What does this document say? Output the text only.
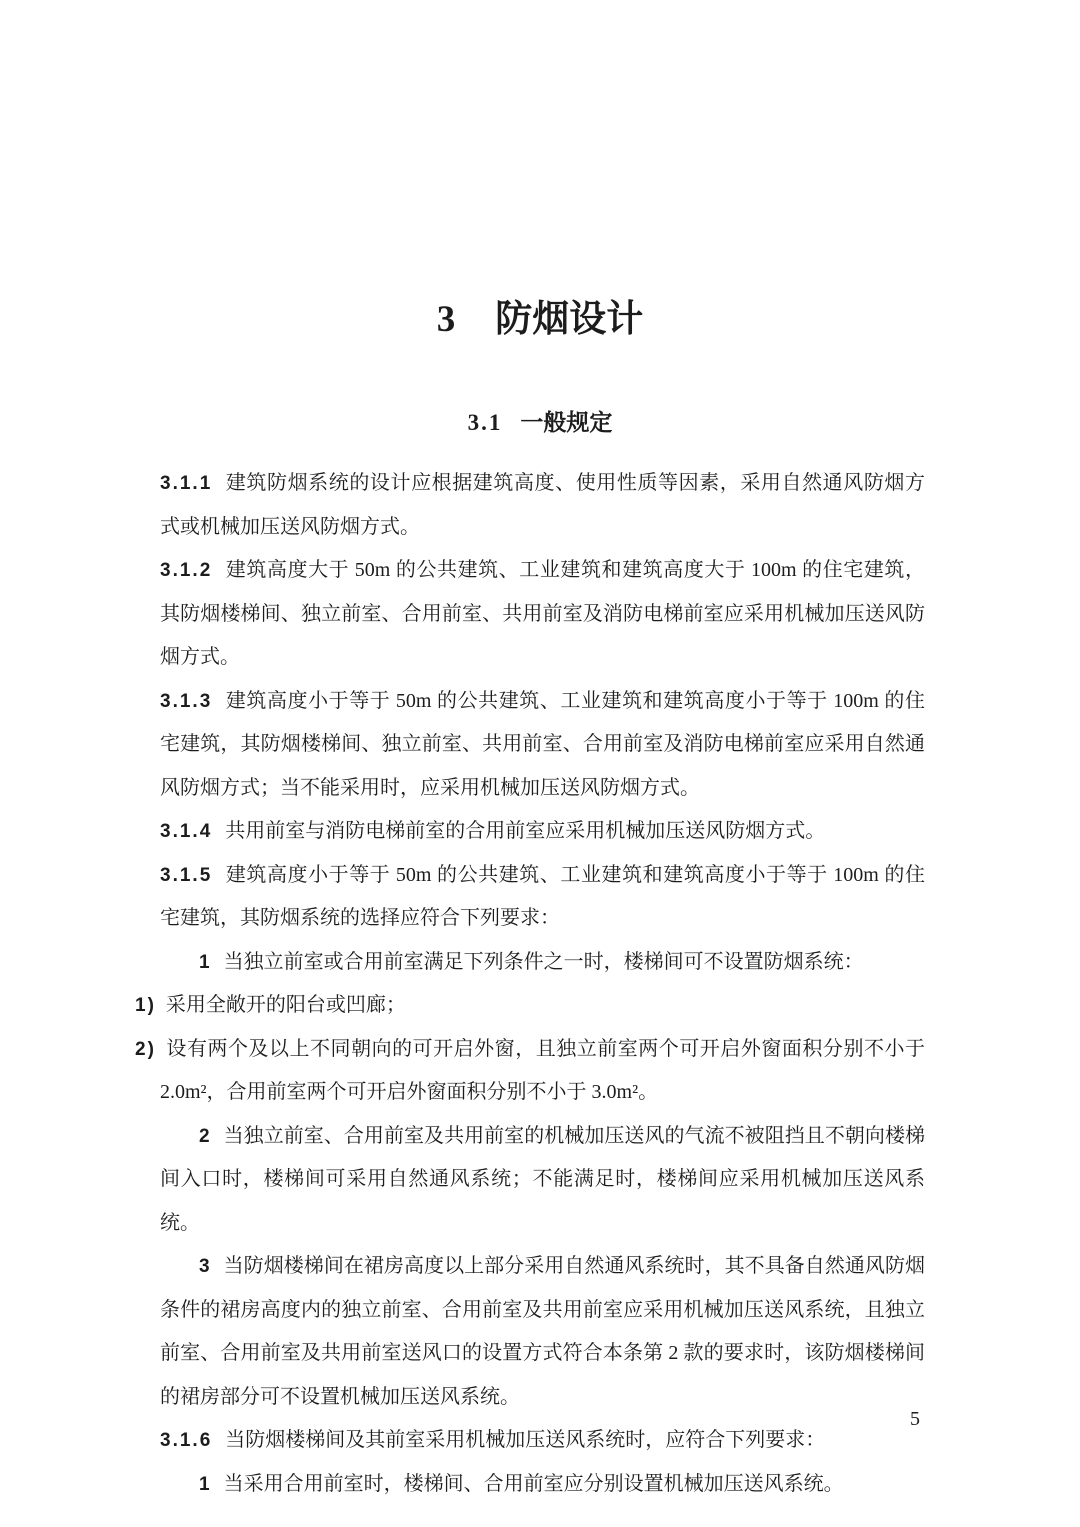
3 防烟设计
3.1 一般规定

3.1.1 建筑防烟系统的设计应根据建筑高度、使用性质等因素，采用自然通风防烟方式或机械加压送风防烟方式。

3.1.2 建筑高度大于 50m 的公共建筑、工业建筑和建筑高度大于 100m 的住宅建筑，其防烟楼梯间、独立前室、合用前室、共用前室及消防电梯前室应采用机械加压送风防烟方式。

3.1.3 建筑高度小于等于 50m 的公共建筑、工业建筑和建筑高度小于等于 100m 的住宅建筑，其防烟楼梯间、独立前室、共用前室、合用前室及消防电梯前室应采用自然通风防烟方式；当不能采用时，应采用机械加压送风防烟方式。

3.1.4 共用前室与消防电梯前室的合用前室应采用机械加压送风防烟方式。

3.1.5 建筑高度小于等于 50m 的公共建筑、工业建筑和建筑高度小于等于 100m 的住宅建筑，其防烟系统的选择应符合下列要求：

1 当独立前室或合用前室满足下列条件之一时，楼梯间可不设置防烟系统：

1) 采用全敞开的阳台或凹廊；

2) 设有两个及以上不同朝向的可开启外窗，且独立前室两个可开启外窗面积分别不小于 2.0m²，合用前室两个可开启外窗面积分别不小于 3.0m²。

2 当独立前室、合用前室及共用前室的机械加压送风的气流不被阻挡且不朝向楼梯间入口时，楼梯间可采用自然通风系统；不能满足时，楼梯间应采用机械加压送风系统。

3 当防烟楼梯间在裙房高度以上部分采用自然通风系统时，其不具备自然通风防烟条件的裙房高度内的独立前室、合用前室及共用前室应采用机械加压送风系统，且独立前室、合用前室及共用前室送风口的设置方式符合本条第 2 款的要求时，该防烟楼梯间的裙房部分可不设置机械加压送风系统。

3.1.6 当防烟楼梯间及其前室采用机械加压送风系统时，应符合下列要求：

1 当采用合用前室时，楼梯间、合用前室应分别设置机械加压送风系统。

5
